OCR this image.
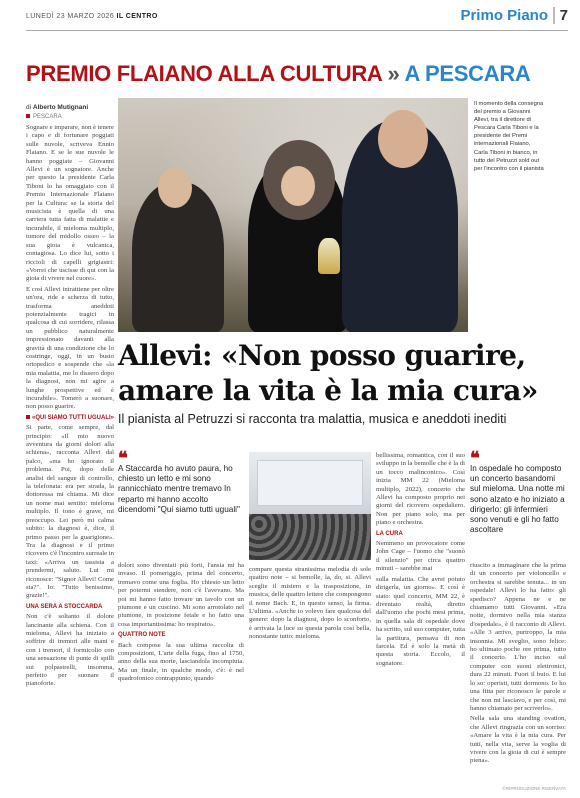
LUNEDÌ 23 MARZO 2026 IL CENTRO	Primo Piano 7
PREMIO FLAIANO ALLA CULTURA » A PESCARA
di Alberto Mutignani
PESCARA

Sognare e imparare, non è tenere i capo e di fortunare poggiati sulle nuvole, scriveva Ennio Flaiano. E se le sue nuvole le hanno poggiate – Giovanni Allevi è un sognatore. Anche per questo la presidente Carla Tiboni lo ha omaggiato con il Premio Internazionale Flaiano per la Cultura: se la storia del musicista è quella di una carriera tutta fatta di malattie e incurabile, il mieloma multiplo, tumore del midollo osseo – la sua gioia è vulcanica, contagiosa. Lo dice lui, sotto i riccioli di capelli grigiastri: «Vorrei che uscisse di qui con la gioia di vivere nel cuore».

E così Allevi intrattiene per oltre un'ora, ride e scherza di tutto, trasforma aneddoti potenzialmente tragici in qualcosa di cui sorridere, rilassa un pubblico naturalmente impressionato davanti alla gravità di una condizione che lo costringe, oggi, in un busto ortopedico e sospende che «la mia malattia, me lo dissero dopo la diagnosi, non mi agire a lunghe prospettive ed è incurabile». Tomerò a suonare, non posso guarire.

«QUI SIAMO TUTTI UGUALI»

Si parte, come sempre, dal principio: «Il mio nuovo avventura da giorni dolori alla schiena», racconta Allevi dal palco, «ma ho ignorato il problema. Poi, dopo delle analisi del sangue di controllo, la telefonata: era per strada, la dottoressa mi chiama. Mi dice un nome mai sentito: mieloma multiplo. Il tono è grave, mi preoccupo. Lei però mi calma subito: la diagnosi è, dice, il primo passo per la guarigione». Tra la diagnosi e il primo ricovero c'è l'incontro surreale in taxi: «Arriva un tassista a prendermi, saluto. Lui mi riconosce: "Signor Allevi! Come sta?". Io: "Tutto benissimo, grazie!".

UNA SERA A STOCCARDA

Non c'è soltanto il dolore lancinante alla schiena. Con il mieloma, Allevi ha iniziato a soffrire di tremori alle mani e con i tremori, il formicolio con una sensazione di punte di spilli sui polpastrelli, insomma, perfetto per suonare il pianoforte.

Il momento della consegna del premio a Giovanni Allevi, tra il direttore di Pescara Carla Tiboni e la presidente dei Premi internazionali Flaiano, Carla Tiboni in bianco, in tutto del Petruzzi sold out per l'incontro con il pianista
Allevi: «Non posso guarire,
amare la vita è la mia cura»
Il pianista al Petruzzi si racconta tra malattia, musica e aneddoti inediti
❝
A Staccarda ho avuto paura, ho chiesto un letto e mi sono rannicchiato mentre tremavo In reparto mi hanno accolto dicendomi "Qui siamo tutti uguali"

dolori sono diventati più forti, l'ansia mi ha invaso. Il pomeriggio, prima del concerto, tremavo come una foglia. Ho chiesto un letto per potermi stendere, non c'è l'avevano. Ma poi mi hanno fatto trovare un tavolo con un piumone e un cuscino. Mi sono arrotolato nel piumone, in posizione fetale e ho fatto una cosa importantissima: ho respirato».

QUATTRO NOTE

Bach compose la sua ultima raccolta di composizioni, L'arte della fuga, fino al 1750, anno della sua morte, lasciandola incompiuta. Ma un finale, in qualche modo, c'è: è nel quadrofonico contrappunto, quando

compare questa stranissima melodia di sole quattro note – si bemolle, la, do, si. Allevi sceglie il mistero e la trasposizione, in musica, delle quattro lettere che compongono il nome Bach. E, in questo senso, la firma. L'ultima. «Anche io volevo fare qualcosa del genere: dopo la diagnosi, dopo lo sconforto, è arrivata la luce su questa parola così bella, nonostante tutto: mieloma.

bellissima, romantica, con il suo sviluppo in la bemolle che è la di un tocco malinconico». Così inizia MM 22 (Mieloma multiplo, 2022), concerto che Allevi ha composto proprio nei giorni del ricovero ospedaliero. Non per piano solo, ma per piano e orchestra.

LA CURA

Nemmeno un provocatore come John Cage – l'uomo che "suonò il silenzio" per circa quattro minuti – sarebbe mai

sulla malattia. Che avrei potuto dirigerla, un giorno». E così è stato: quel concerto, MM 22, è diventato realtà, diretto dall'uomo che pochi mesi prima, in quella sala di ospedale dove ha scritto, sul suo computer, tutta la partitura, pensava di non farcela. Ed è solo la metà di questa storia. Eccolo, il sognatore.

❝
In ospedale ho composto un concerto basandomi sul mieloma. Una notte mi sono alzato e ho iniziato a dirigerlo: gli infermieri sono venuti e gli ho fatto ascoltare

riuscito a immaginare che la prima di un concerto per violoncello e orchestra si sarebbe tenuta... in un ospedale! Allevi lo ha fatto: gli spedisco? Appena ne e ne chiamamo tutti Giovanni. «Era notte, dormivo nella mia stanza d'ospedale», è il racconto di Allevi. «Alle 3 arrivo, purtroppo, la mia insonnia. Mi sveglio, sono felice: ho ultimato poche ore prima, tutto il concerto. L'ho inciso sul computer con suoni elettronici, dura 22 minuti. Fuori il buio. E lui lo so: operisti, tutti dormono. Io ho una fitta per riconosco le parole e che non mi lasciavo, e per così, mi hanno chiamato per scriverlo».

Nella sala una standing ovation, che Allevi ringrazia con un sorriso: «Amare la vita è la mia cura. Per tutti, nella vita, serve la voglia di vivere con la gioia di cui è sempre piena».

©RIPRODUZIONE RISERVATA
